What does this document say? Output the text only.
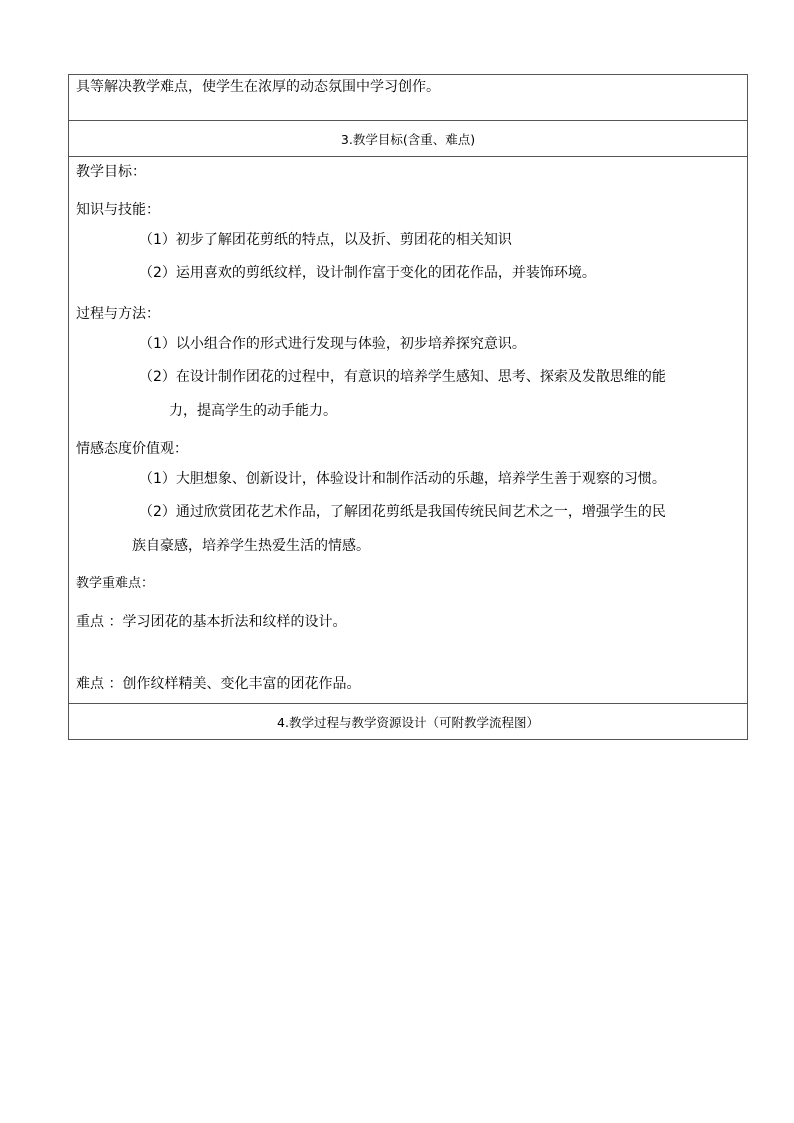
具等解决教学难点，使学生在浓厚的动态氛围中学习创作。

3.教学目标(含重、难点)

教学目标：
知识与技能：
（1）初步了解团花剪纸的特点，以及折、剪团花的相关知识
（2）运用喜欢的剪纸纹样，设计制作富于变化的团花作品，并装饰环境。
过程与方法：
（1）以小组合作的形式进行发现与体验，初步培养探究意识。
（2）在设计制作团花的过程中，有意识的培养学生感知、思考、探索及发散思维的能
力，提高学生的动手能力。
情感态度价值观：
（1）大胆想象、创新设计，体验设计和制作活动的乐趣，培养学生善于观察的习惯。
（2）通过欣赏团花艺术作品，了解团花剪纸是我国传统民间艺术之一，增强学生的民
族自豪感，培养学生热爱生活的情感。
教学重难点：
重点 ：学习团花的基本折法和纹样的设计。
难点 ：创作纹样精美、变化丰富的团花作品。

4.教学过程与教学资源设计（可附教学流程图）
